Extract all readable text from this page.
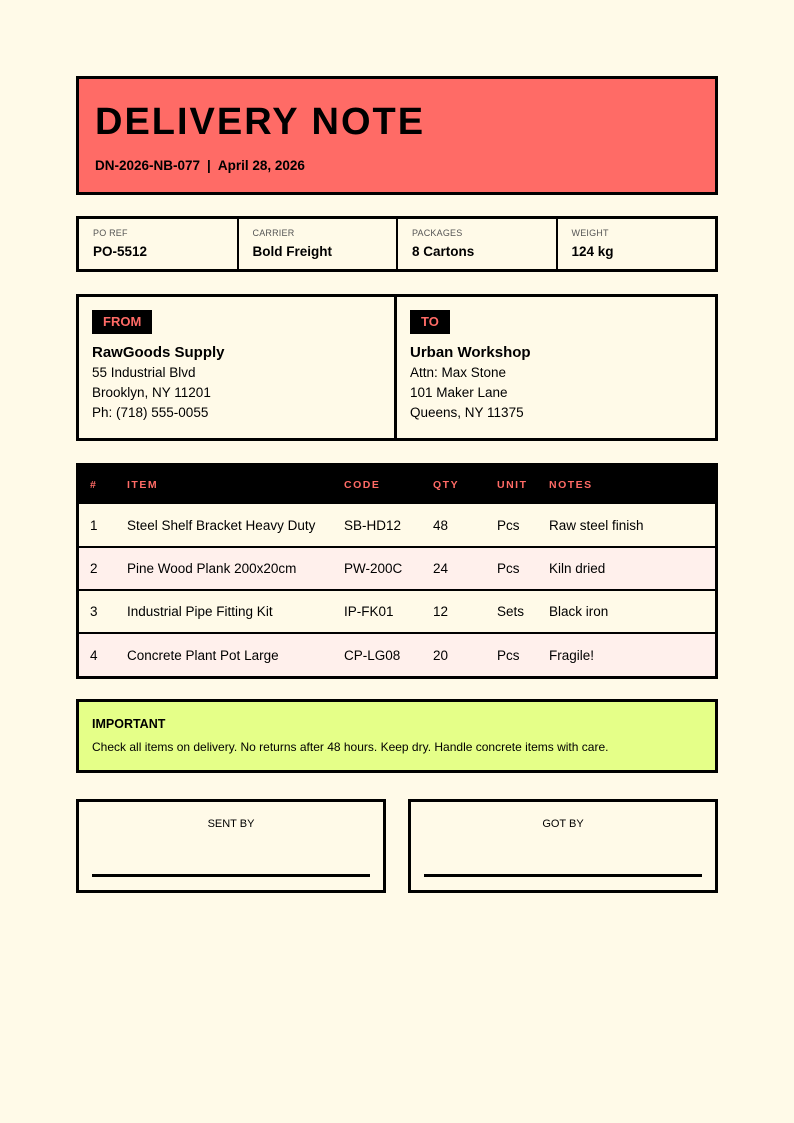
DELIVERY NOTE
DN-2026-NB-077 | April 28, 2026
PO REF
PO-5512
CARRIER
Bold Freight
PACKAGES
8 Cartons
WEIGHT
124 kg
FROM
RawGoods Supply
55 Industrial Blvd
Brooklyn, NY 11201
Ph: (718) 555-0055
TO
Urban Workshop
Attn: Max Stone
101 Maker Lane
Queens, NY 11375
#	ITEM	CODE	QTY	UNIT	NOTES
1	Steel Shelf Bracket Heavy Duty	SB-HD12	48	Pcs	Raw steel finish
2	Pine Wood Plank 200x20cm	PW-200C	24	Pcs	Kiln dried
3	Industrial Pipe Fitting Kit	IP-FK01	12	Sets	Black iron
4	Concrete Plant Pot Large	CP-LG08	20	Pcs	Fragile!
IMPORTANT
Check all items on delivery. No returns after 48 hours. Keep dry. Handle concrete items with care.
SENT BY	GOT BY
